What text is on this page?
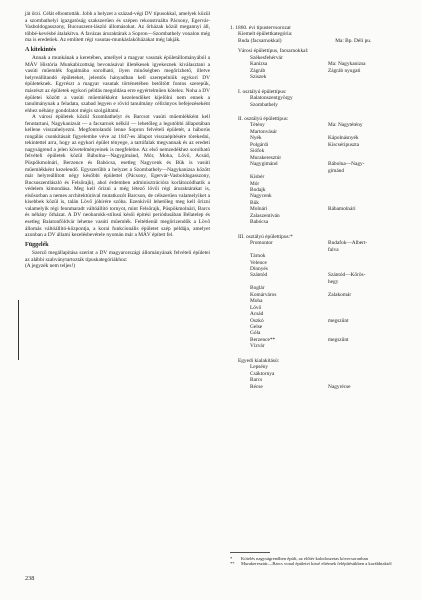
ját őrzi. Célát elbontották. Jobb a helyzet a század-végi DV típusokkal, amelyek közül a szombathelyi igazgatóság szakszerűen és szépen rekonstruálta Pácsony, Egervár-Vasboldogasszony, Bucsuszent-lászló állomásokat. Az őrházak közül megannyi áll, többé-kevésbé átalakítva. A favázas áruraktárak a Sopron—Szombathely vonalon még ma is eredetiek. Az említett régi vasutas-munkáslakóházakat még lakják.

A kitekintés

Annak a munkának a keretében, amellyel a magyar vasutak épületállományából a MÁV História Munkabizottság bevonásával illetékesek igyekeznek kiválasztani a vasúti műemlék fogalmába sorolható, ilyen minőségben megőrizhető, illetve helyreállítandó épületeket, jelentős hányadban kell szerepelniük egykori DV épületeknek. Egyrészt a magyar vasutak történetében betöltött fontos szerepük, másrészt az épületek egykori példás megoldása erre egyértelműen kötelez. Noha a DV épületei között a vasúti műemlékként kezelendőket kijelölni nem ennek a tanulmánynak a feladata, szabad legyen e rövid tanulmány célirányos befejezéseként ehhez néhány gondolatot mégis szolgáltatni.

A városi épületek közül Szombathelyt és Barcsot vasúti műemlékként kell fenntartani, Nagykanizsát — a facsarnok nélkül — lehetőleg a legutóbbi állapotában kellene visszahelyezni. Megfontolandó lenne Sopron felvételi épületét, a háborús rongálás csonkításait figyelembe véve az 1847-es állapot visszaépítésére törekedni, tekintettel arra, hogy az egykori épület tényege, a tartófalak megvannak és az eredeti nagyságrend a jelen követelményeinek is megfelelne. Az első nemzedékhez sorolható felvételi épületek közül Bábolna—Nagygimánd, Mór, Moha, Lövő, Acsád, Püspökmolnári, Berzence és Babócsa, esetleg Nagycenk és Bük is vasúti műemlékként kezelendő. Egyszerűbb a helyzet a Szombathely—Nagykanizsa között már helyreállított négy későbbi épülettel (Pácsony, Egervár-Vasboldogasszony, Bucsuszentlászló és Felsőrajk), ahol érdemben adminisztrációra korlátozódhatik a védelem kimondása. Meg kell őrizni a még létező lövői régi áruraktárakat is, elsősorban a nemes architektúrával mutatkozót Barcson, de célszerűen valamelyiket a kisebbek közül is, talán Lövő jóhírére szóba. Ezenkívül lehetőleg meg kell őrizni valamelyik régi fennmaradt váltóállító tornyot, mint Felsőrajk, Püspökmolnári, Barcs és néhány őrházat. A DV neobarokk-stílusú késői épitési periódusában Bélatelep és esetleg Balatonföldvár lehetne vasúti műemlék. Feltétlenül megőrizendők a Lövő állomás váltóállító-központja, a korai funkcionális épületet szép példája, amelyet azonban a DV állami kezelésbevétele nyomán már a MÁV épített fel.

Függelék

Szerző megállapítása szerint a DV magyarországi állományának felvételi épületei az alábbi szabványtartozták típuskategóriákhoz:

(A jegyzék nem teljes!)

238
1. 1860. évi típustervsorozat
Kiemelt épülettkategória:
Buda (facsarnokkal)	Ma: Bp. Déli pu.
Városi épülettípus, facsarnokkal:
Székesfehérvár
Kanizsa	Ma: Nagykanizsa
Zágráb	Zágráb nyugati
Sziszek
I. osztályú épülettípus:
Balatonszentgyörgy
Szombathely
II. osztályú épülettípus:
Tétény	Ma: Nagytétény
Martonvásár
Nyék	Kápolnásnyék
Polgárdi	Kiscséripuszta
Siófok
Murakeresztúr
Nagygimánd	Bábolna—Nagy-
gimánd
Kisbér
Mór
Bodajk
Nagycenk
Bük
Molnári	Rábamolnári
Zalaszentiván
Babócsa
III. osztályú épülettípus:*
Promontor	Budafok—Albert-
falva
Tárnok
Velence
Dinnyés
Szántód	Szántód—Kőrös-
hegy
Boglár
Komárváros	Zalakomár
Moha
Lövő
Acsád
Oszkó	megszűnt
Gelse
Góla
Berzence**	megszűnt
Vízvár
Egyedi kialakítású:
Lepsény
Csáktornya
Barcs
Récse	Nagyrécse
*	Kötelés nagyságrendben épült, az előtér kalodoszetas kövecsoronban
**	Murakeresztúr—Barcs vonal épületei kissé eltérnek felépítésükben a korábbiaktól
